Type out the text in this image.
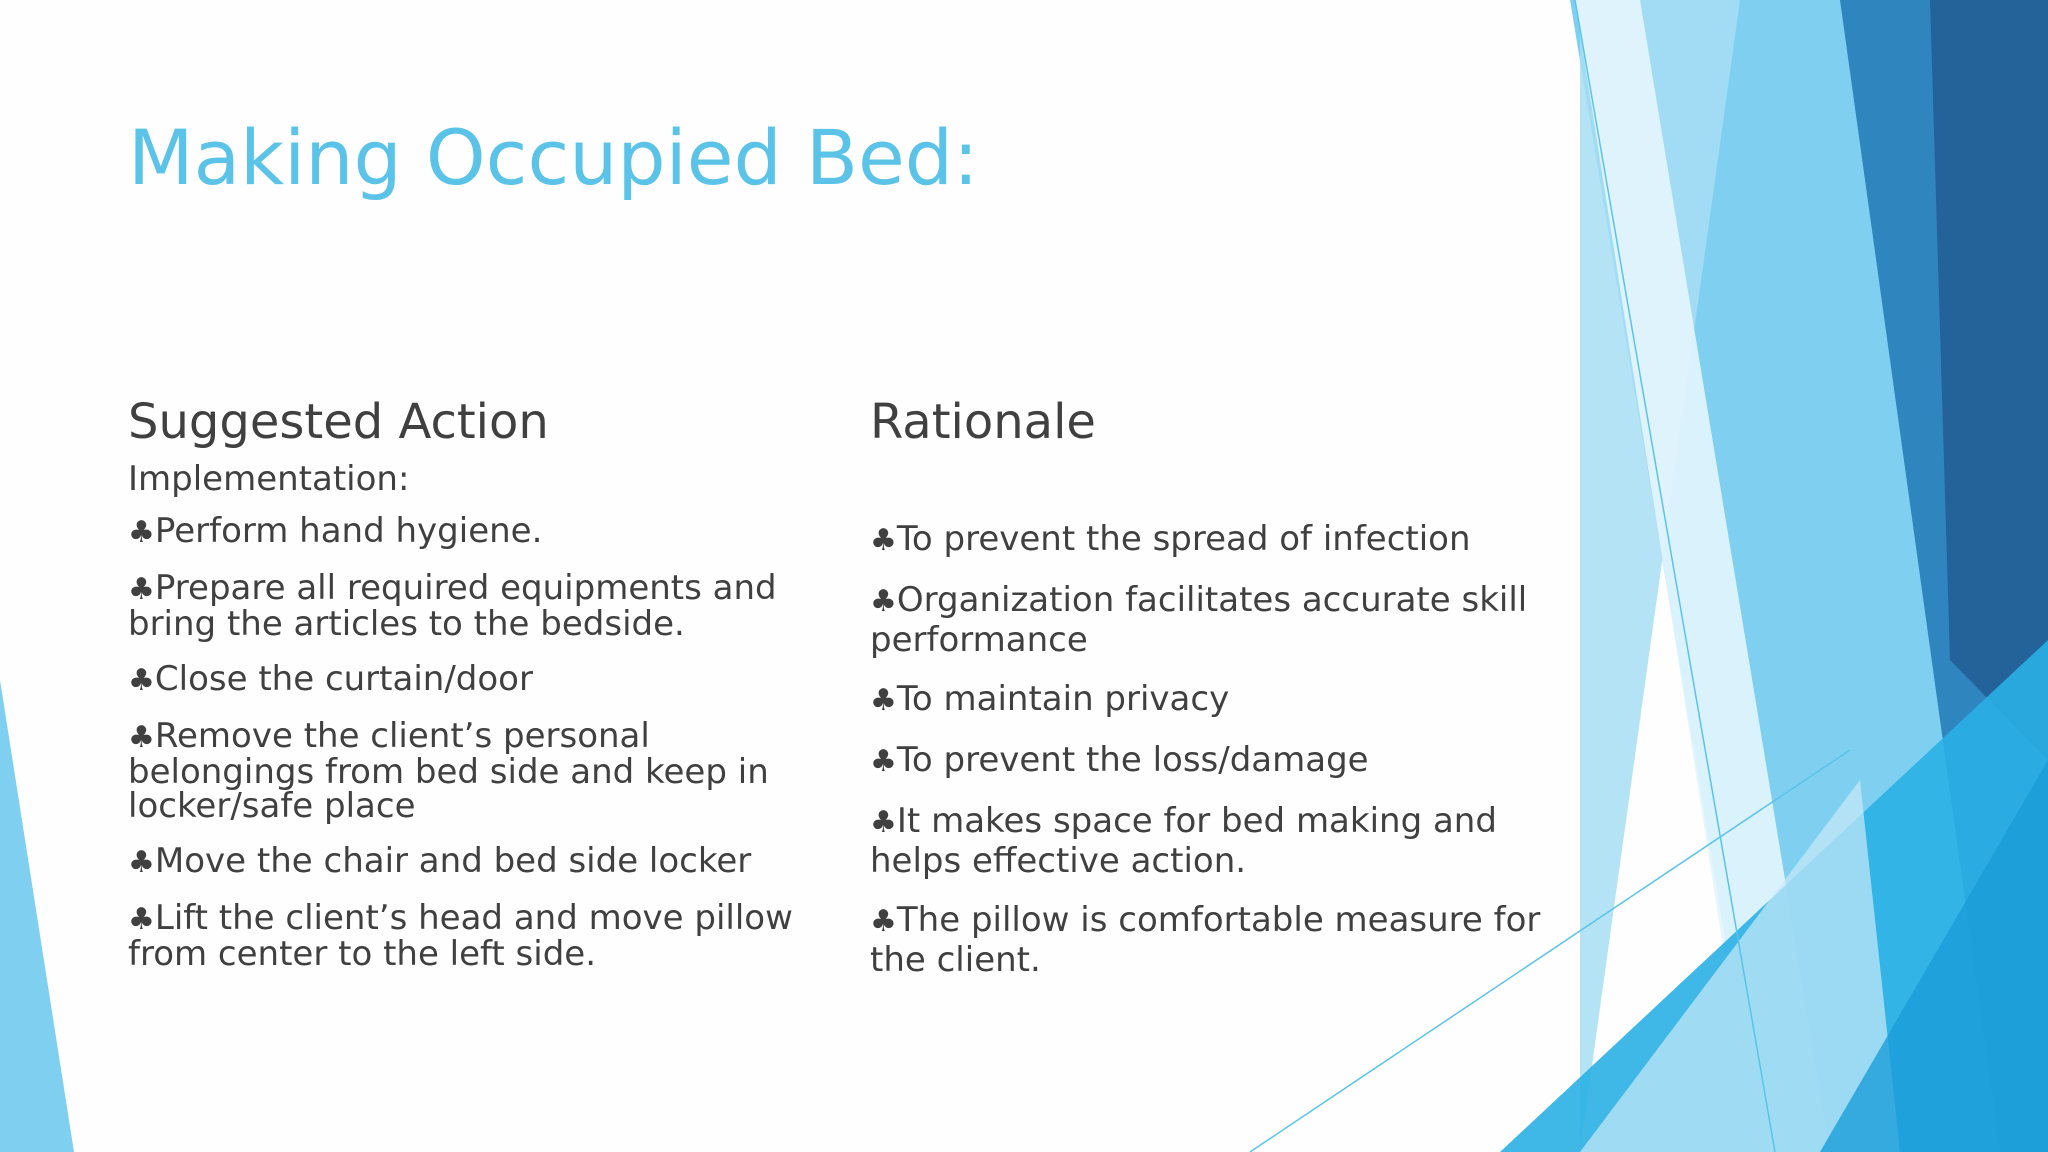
Making Occupied Bed:
Suggested Action	Rationale
Implementation:
♣Perform hand hygiene.
♣Prepare all required equipments and bring the articles to the bedside.
♣Close the curtain/door
♣Remove the client’s personal belongings from bed side and keep in locker/safe place
♣Move the chair and bed side locker
♣Lift the client’s head and move pillow from center to the left side.
♣To prevent the spread of infection
♣Organization facilitates accurate skill performance
♣To maintain privacy
♣To prevent the loss/damage
♣It makes space for bed making and helps effective action.
♣The pillow is comfortable measure for the client.
